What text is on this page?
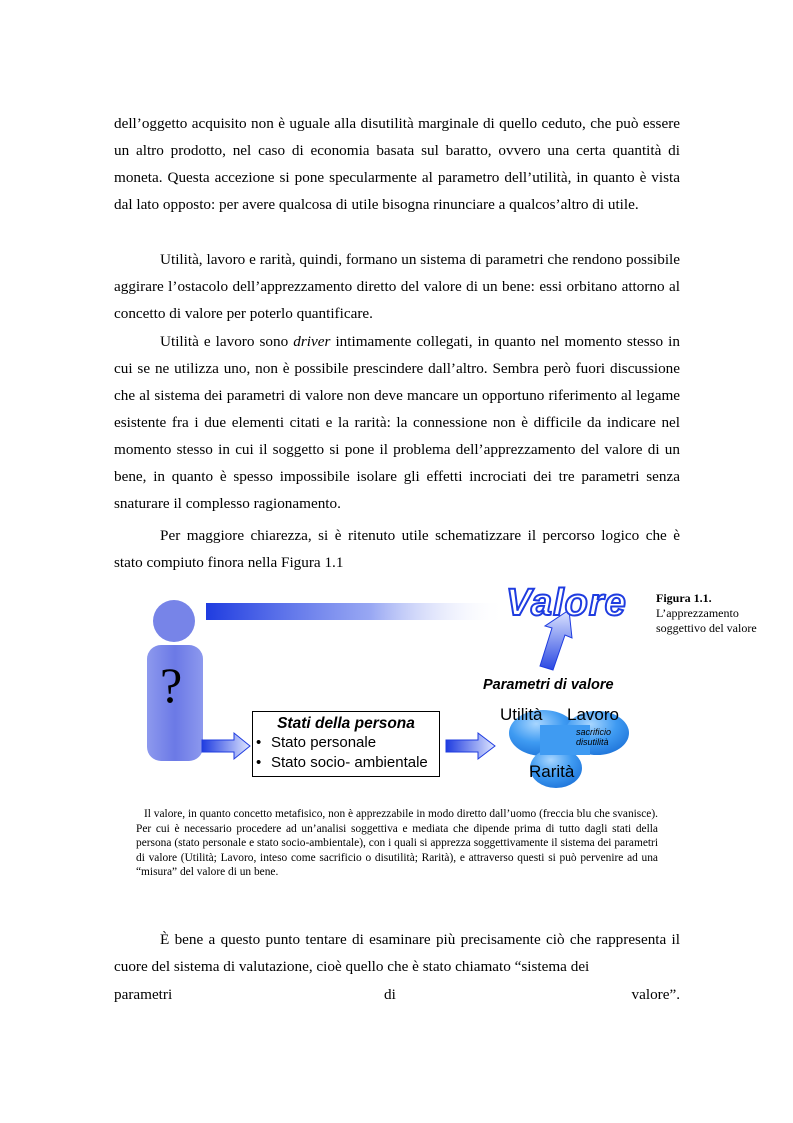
dell’oggetto acquisito non è uguale alla disutilità marginale di quello ceduto, che può essere un altro prodotto, nel caso di economia basata sul baratto, ovvero una certa quantità di moneta. Questa accezione si pone specularmente al parametro dell’utilità, in quanto è vista dal lato opposto: per avere qualcosa di utile bisogna rinunciare a qualcos’altro di utile.

Utilità, lavoro e rarità, quindi, formano un sistema di parametri che rendono possibile aggirare l’ostacolo dell’apprezzamento diretto del valore di un bene: essi orbitano attorno al concetto di valore per poterlo quantificare.

Utilità e lavoro sono driver intimamente collegati, in quanto nel momento stesso in cui se ne utilizza uno, non è possibile prescindere dall’altro. Sembra però fuori discussione che al sistema dei parametri di valore non deve mancare un opportuno riferimento al legame esistente fra i due elementi citati e la rarità: la connessione non è difficile da indicare nel momento stesso in cui il soggetto si pone il problema dell’apprezzamento del valore di un bene, in quanto è spesso impossibile isolare gli effetti incrociati dei tre parametri senza snaturare il complesso ragionamento.

Per maggiore chiarezza, si è ritenuto utile schematizzare il percorso logico che è stato compiuto finora nella Figura 1.1

Valore
?	Parametri di valore
Utilità Lavoro
sacrificio
disutilità
Rarità
Stati della persona
• Stato personale
• Stato socio- ambientale
Figura 1.1.
L’apprezzamento soggettivo del valore

Il valore, in quanto concetto metafisico, non è apprezzabile in modo diretto dall’uomo (freccia blu che svanisce). Per cui è necessario procedere ad un’analisi soggettiva e mediata che dipende prima di tutto dagli stati della persona (stato personale e stato socio-ambientale), con i quali si apprezza soggettivamente il sistema dei parametri di valore (Utilità; Lavoro, inteso come sacrificio o disutilità; Rarità), e attraverso questi si può pervenire ad una “misura” del valore di un bene.

È bene a questo punto tentare di esaminare più precisamente ciò che rappresenta il cuore del sistema di valutazione, cioè quello che è stato chiamato “sistema dei

parametri	di	valore”.
